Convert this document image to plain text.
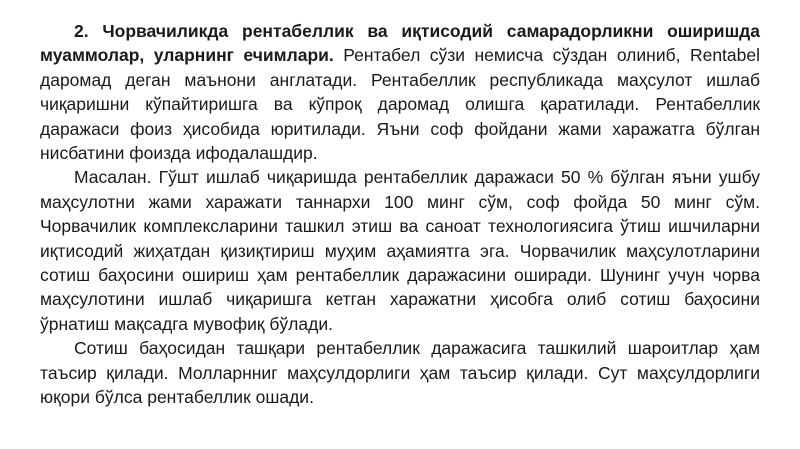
2. Чорвачиликда рентабеллик ва иқтисодий самарадорликни оширишда муаммолар, уларнинг ечимлари. Рентабел сўзи немисча сўздан олиниб, Rentabel даромад деган маънони англатади. Рентабеллик республикада маҳсулот ишлаб чиқаришни кўпайтиришга ва кўпроқ даромад олишга қаратилади. Рентабеллик даражаси фоиз ҳисобида юритилади. Яъни соф фойдани жами харажатга бўлган нисбатини фоизда ифодалашдир.

Масалан. Гўшт ишлаб чиқаришда рентабеллик даражаси 50 % бўлган яъни ушбу маҳсулотни жами харажати таннархи 100 минг сўм, соф фойда 50 минг сўм. Чорвачилик комплексларини ташкил этиш ва саноат технологиясига ўтиш ишчиларни иқтисодий жиҳатдан қизиқтириш муҳим аҳамиятга эга. Чорвачилик маҳсулотларини сотиш баҳосини ошириш ҳам рентабеллик даражасини оширади. Шунинг учун чорва маҳсулотини ишлаб чиқаришга кетган харажатни ҳисобга олиб сотиш баҳосини ўрнатиш мақсадга мувофиқ бўлади.

Сотиш баҳосидан ташқари рентабеллик даражасига ташкилий шароитлар ҳам таъсир қилади. Молларнниг маҳсулдорлиги ҳам таъсир қилади. Сут маҳсулдорлиги юқори бўлса рентабеллик ошади.
